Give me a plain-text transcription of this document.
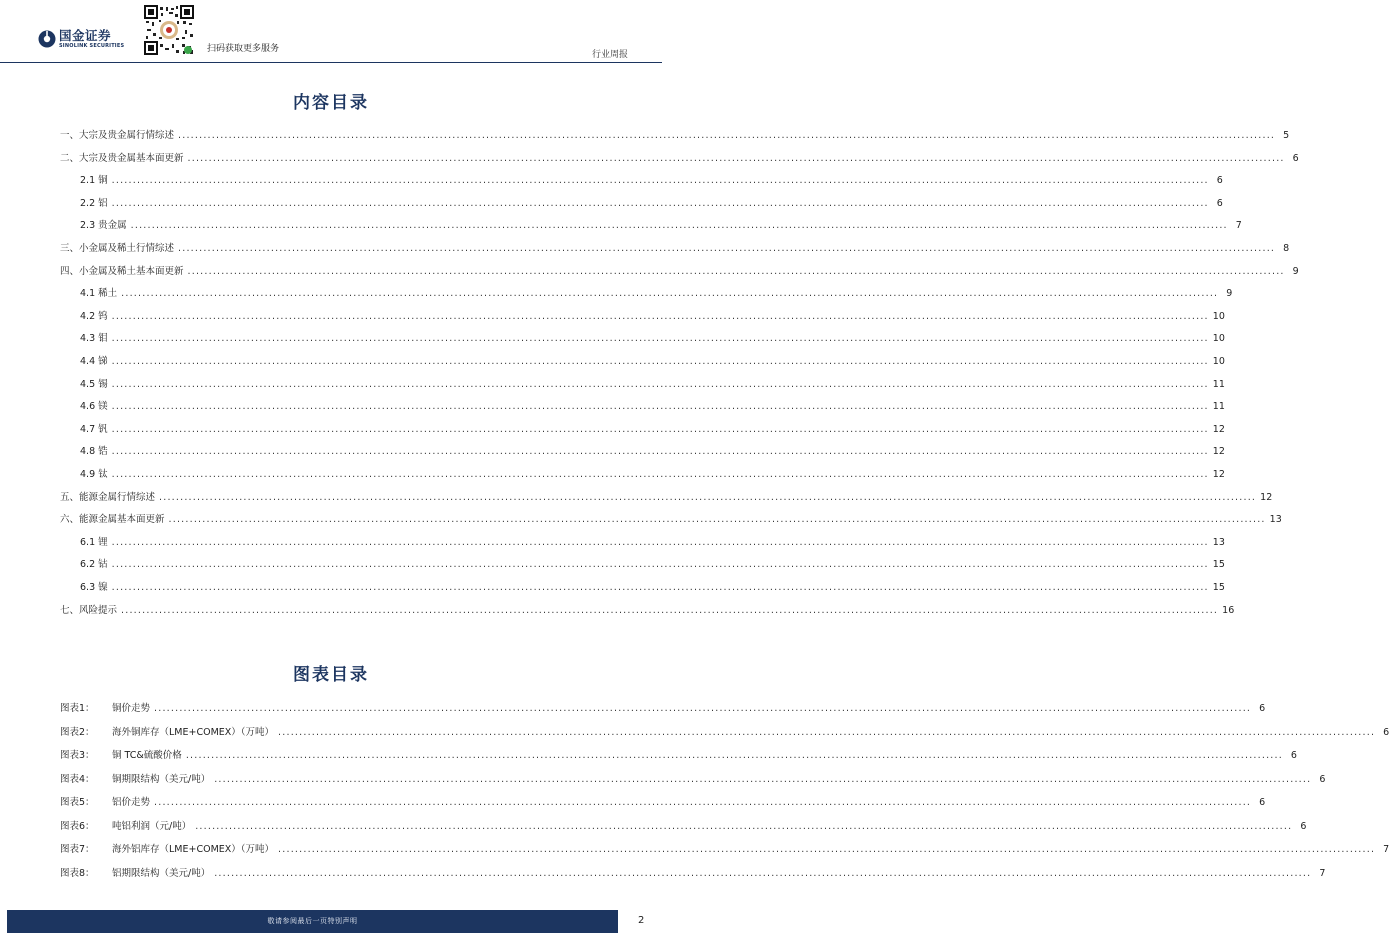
国金证券
SINOLINK SECURITIES	扫码获取更多服务
行业周报
内容目录
一、大宗及贵金属行情综述 .................................................................................................................................................................................................................................................................... 5
二、大宗及贵金属基本面更新 .................................................................................................................................................................................................................................................................... 6
2.1 铜 .................................................................................................................................................................................................................................................................... 6
2.2 铝 .................................................................................................................................................................................................................................................................... 6
2.3 贵金属 .................................................................................................................................................................................................................................................................... 7
三、小金属及稀土行情综述 .................................................................................................................................................................................................................................................................... 8
四、小金属及稀土基本面更新 .................................................................................................................................................................................................................................................................... 9
4.1 稀土 .................................................................................................................................................................................................................................................................... 9
4.2 钨 .................................................................................................................................................................................................................................................................... 10
4.3 钼 .................................................................................................................................................................................................................................................................... 10
4.4 锑 .................................................................................................................................................................................................................................................................... 10
4.5 锡 .................................................................................................................................................................................................................................................................... 11
4.6 镁 .................................................................................................................................................................................................................................................................... 11
4.7 钒 .................................................................................................................................................................................................................................................................... 12
4.8 锆 .................................................................................................................................................................................................................................................................... 12
4.9 钛 .................................................................................................................................................................................................................................................................... 12
五、能源金属行情综述 .................................................................................................................................................................................................................................................................... 12
六、能源金属基本面更新 .................................................................................................................................................................................................................................................................... 13
6.1 锂 .................................................................................................................................................................................................................................................................... 13
6.2 钴 .................................................................................................................................................................................................................................................................... 15
6.3 镍 .................................................................................................................................................................................................................................................................... 15
七、风险提示 .................................................................................................................................................................................................................................................................... 16
图表目录
图表1：	铜价走势 .................................................................................................................................................................................................................................................................... 6
图表2：	海外铜库存（LME+COMEX）（万吨） .................................................................................................................................................................................................................................................................... 6
图表3：	铜 TC&硫酸价格 .................................................................................................................................................................................................................................................................... 6
图表4：	铜期限结构（美元/吨） .................................................................................................................................................................................................................................................................... 6
图表5：	铝价走势 .................................................................................................................................................................................................................................................................... 6
图表6：	吨铝利润（元/吨） .................................................................................................................................................................................................................................................................... 6
图表7：	海外铝库存（LME+COMEX）（万吨） .................................................................................................................................................................................................................................................................... 7
图表8：	铝期限结构（美元/吨） .................................................................................................................................................................................................................................................................... 7
敬请参阅最后一页特别声明	2
